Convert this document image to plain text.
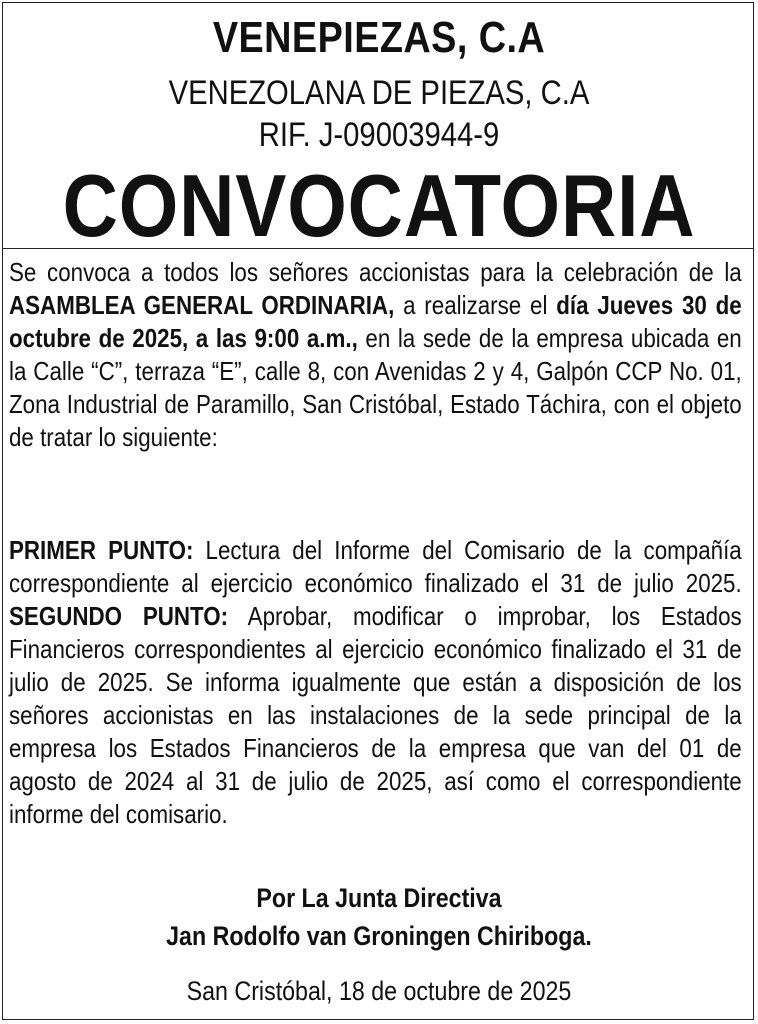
VENEPIEZAS, C.A
VENEZOLANA DE PIEZAS, C.A
RIF. J-09003944-9
CONVOCATORIA

Se convoca a todos los señores accionistas para la celebración de la ASAMBLEA GENERAL ORDINARIA, a realizarse el día Jueves 30 de octubre de 2025, a las 9:00 a.m., en la sede de la empresa ubicada en la Calle “C”, terraza “E”, calle 8, con Avenidas 2 y 4, Galpón CCP No. 01, Zona Industrial de Paramillo, San Cristóbal, Estado Táchira, con el objeto de tratar lo siguiente:

PRIMER PUNTO: Lectura del Informe del Comisario de la compañía correspondiente al ejercicio económico finalizado el 31 de julio 2025. SEGUNDO PUNTO: Aprobar, modificar o improbar, los Estados Financieros correspondientes al ejercicio económico finalizado el 31 de julio de 2025. Se informa igualmente que están a disposición de los señores accionistas en las instalaciones de la sede principal de la empresa los Estados Financieros de la empresa que van del 01 de agosto de 2024 al 31 de julio de 2025, así como el correspondiente informe del comisario.

Por La Junta Directiva
Jan Rodolfo van Groningen Chiriboga.
San Cristóbal, 18 de octubre de 2025
